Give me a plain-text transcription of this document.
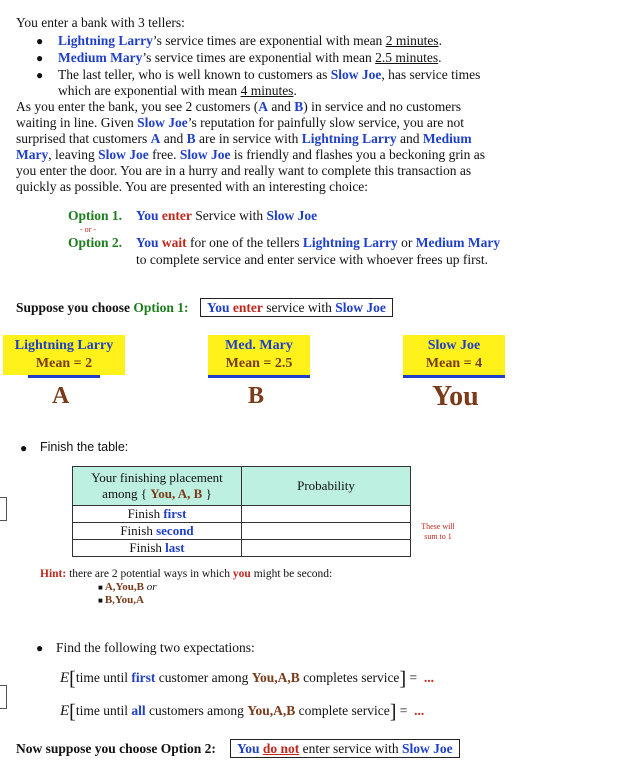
You enter a bank with 3 tellers:
● Lightning Larry’s service times are exponential with mean 2 minutes.
● Medium Mary’s service times are exponential with mean 2.5 minutes.
● The last teller, who is well known to customers as Slow Joe, has service times
which are exponential with mean 4 minutes.
As you enter the bank, you see 2 customers (A and B) in service and no customers
waiting in line. Given Slow Joe’s reputation for painfully slow service, you are not
surprised that customers A and B are in service with Lightning Larry and Medium
Mary, leaving Slow Joe free. Slow Joe is friendly and flashes you a beckoning grin as
you enter the door. You are in a hurry and really want to complete this transaction as
quickly as possible. You are presented with an interesting choice:
Option 1. You enter Service with Slow Joe
- or -
Option 2. You wait for one of the tellers Lightning Larry or Medium Mary
to complete service and enter service with whoever frees up first.
Suppose you choose Option 1:	You enter service with Slow Joe
Lightning Larry
Mean = 2
Med. Mary
Mean = 2.5
Slow Joe
Mean = 4
A	B	You
● Finish the table:
Your finishing placement
among { You, A, B }	Probability
Finish first	
Finish second	
Finish last	
These will
sum to 1
Hint: there are 2 potential ways in which you might be second:
■ A,You,B or
■ B,You,A
● Find the following two expectations:
E[time until first customer among You,A,B completes service] = ...
E[time until all customers among You,A,B complete service] = ...
Now suppose you choose Option 2:	You do not enter service with Slow Joe
